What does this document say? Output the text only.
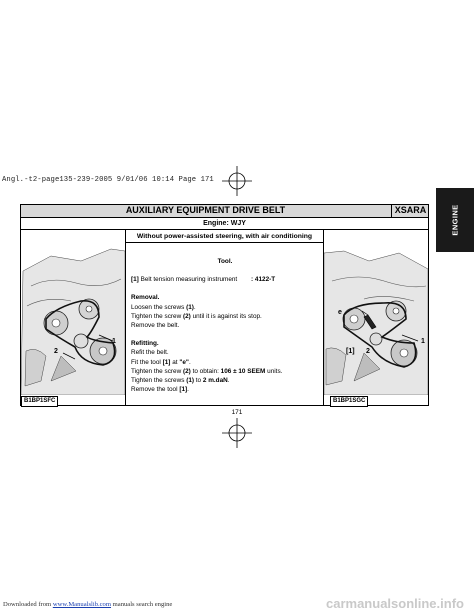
Angl.-t2-page135-239-2005 9/01/06 10:14 Page 171
ENGINE
AUXILIARY EQUIPMENT DRIVE BELT	XSARA
Engine: WJY
Without power-assisted steering, with air conditioning
2
1
B1BP1SFC

Tool.

[1] Belt tension measuring instrument : 4122-T

Removal.

Loosen the screws (1).

Tighten the screw (2) until it is against its stop.

Remove the belt.

Refitting.

Refit the belt.

Fit the tool [1] at "e".

Tighten the screw (2) to obtain: 106 ± 10 SEEM units.

Tighten the screws (1) to 2 m.daN.

Remove the tool [1].

e
[1] 2
1
B1BP1SGC
171
Downloaded from www.Manualslib.com manuals search engine	carmanualsonline.info
